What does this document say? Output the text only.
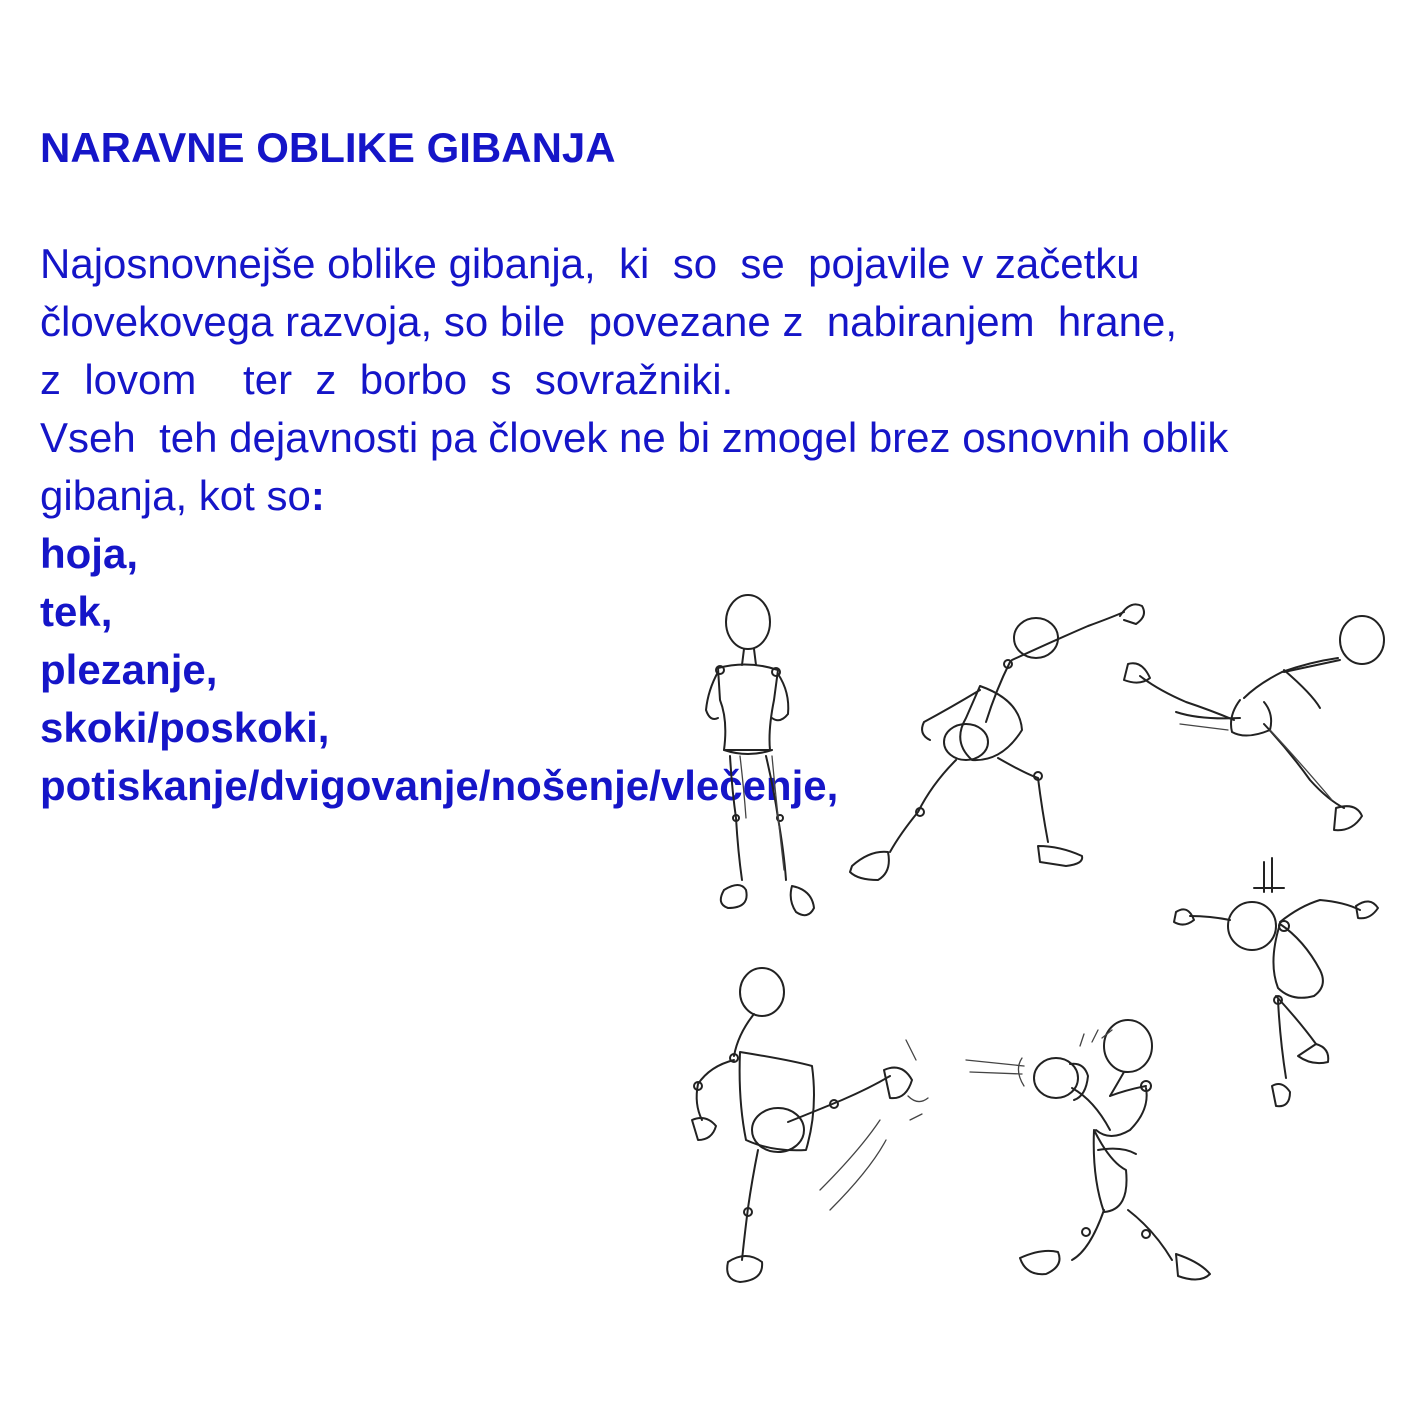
NARAVNE OBLIKE GIBANJA

Najosnovnejše oblike gibanja,  ki  so  se  pojavile v začetku

človekovega razvoja, so bile  povezane z  nabiranjem  hrane,

z  lovom    ter  z  borbo  s  sovražniki.

Vseh  teh dejavnosti pa človek ne bi zmogel brez osnovnih oblik

gibanja, kot so:

hoja,

tek,

plezanje,

skoki/poskoki,

potiskanje/dvigovanje/nošenje/vlečenje,
